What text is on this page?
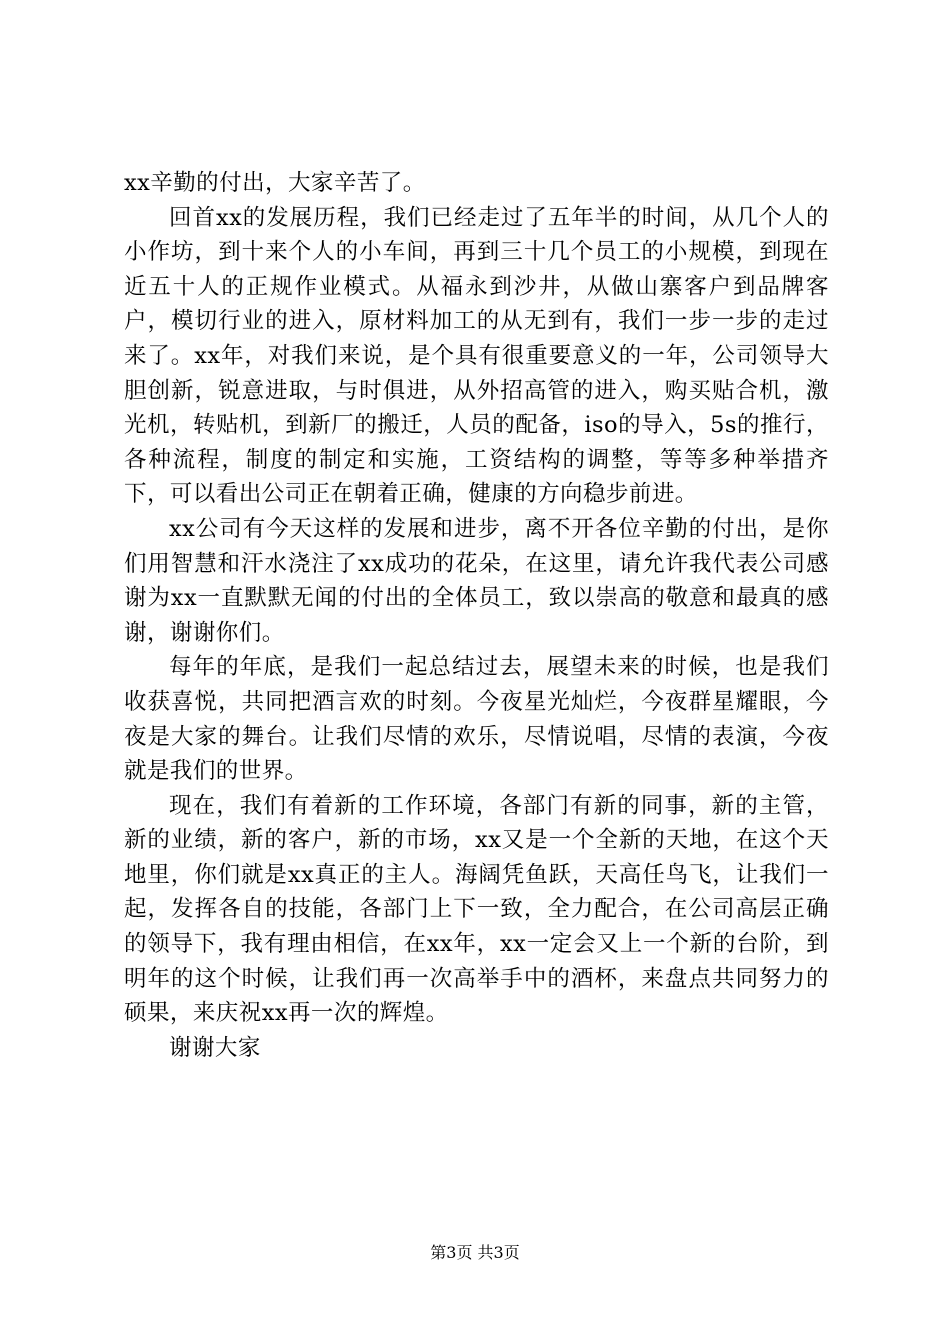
xx辛勤的付出，大家辛苦了。

回首xx的发展历程，我们已经走过了五年半的时间，从几个人的小作坊，到十来个人的小车间，再到三十几个员工的小规模，到现在近五十人的正规作业模式。从福永到沙井，从做山寨客户到品牌客户，模切行业的进入，原材料加工的从无到有，我们一步一步的走过来了。xx年，对我们来说，是个具有很重要意义的一年，公司领导大胆创新，锐意进取，与时俱进，从外招高管的进入，购买贴合机，激光机，转贴机，到新厂的搬迁，人员的配备，iso的导入，5s的推行，各种流程，制度的制定和实施，工资结构的调整，等等多种举措齐下，可以看出公司正在朝着正确，健康的方向稳步前进。

xx公司有今天这样的发展和进步，离不开各位辛勤的付出，是你们用智慧和汗水浇注了xx成功的花朵，在这里，请允许我代表公司感谢为xx一直默默无闻的付出的全体员工，致以崇高的敬意和最真的感谢，谢谢你们。

每年的年底，是我们一起总结过去，展望未来的时候，也是我们收获喜悦，共同把酒言欢的时刻。今夜星光灿烂，今夜群星耀眼，今夜是大家的舞台。让我们尽情的欢乐，尽情说唱，尽情的表演，今夜就是我们的世界。

现在，我们有着新的工作环境，各部门有新的同事，新的主管，新的业绩，新的客户，新的市场，xx又是一个全新的天地，在这个天地里，你们就是xx真正的主人。海阔凭鱼跃，天高任鸟飞，让我们一起，发挥各自的技能，各部门上下一致，全力配合，在公司高层正确的领导下，我有理由相信，在xx年，xx一定会又上一个新的台阶，到明年的这个时候，让我们再一次高举手中的酒杯，来盘点共同努力的硕果，来庆祝xx再一次的辉煌。

谢谢大家

第3页 共3页
